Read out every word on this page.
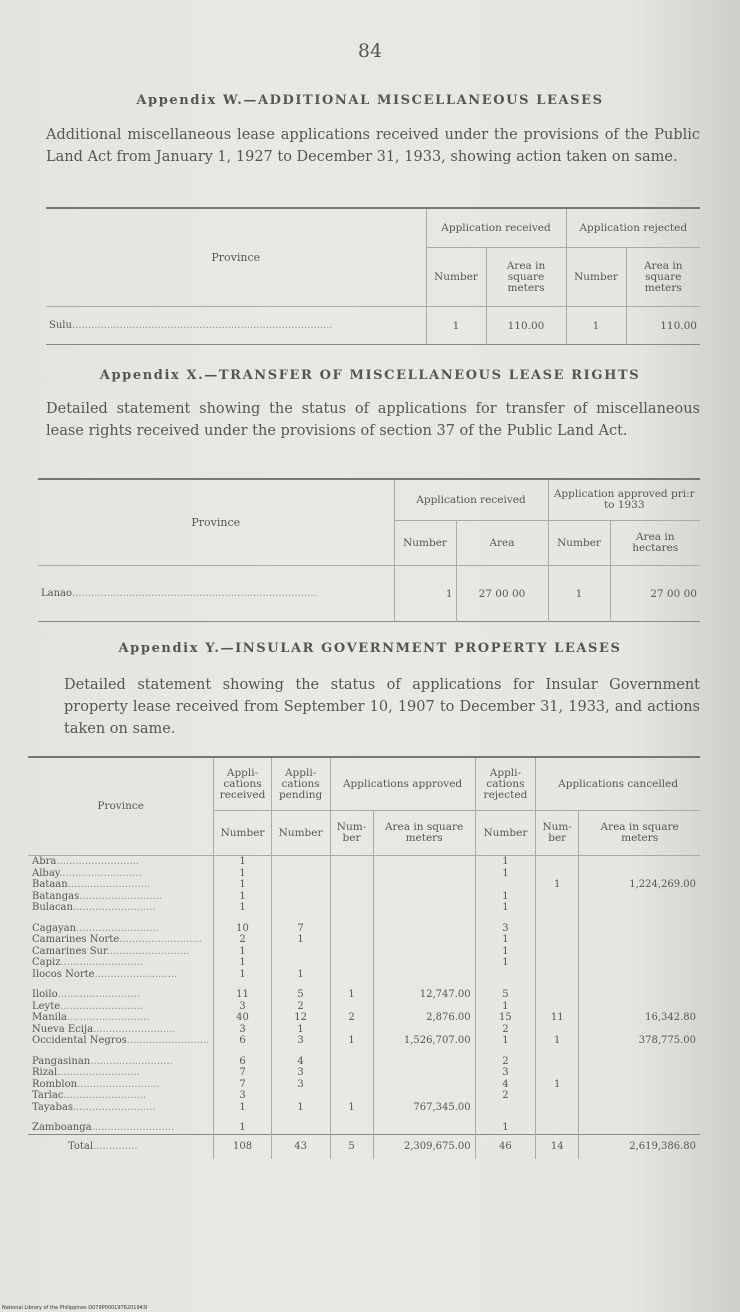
84
Appendix W.—ADDITIONAL MISCELLANEOUS LEASES
Additional miscellaneous lease applications received under the provisions of the Public Land Act from January 1, 1927 to December 31, 1933, showing action taken on same.
Province	Application received		Application rejected	
	Number	Area in square meters	Number	Area in square meters
Sulu..................................................................................	1	110.00	1	110.00
Appendix X.—TRANSFER OF MISCELLANEOUS LEASE RIGHTS
Detailed statement showing the status of applications for transfer of miscellaneous lease rights received under the provisions of section 37 of the Public Land Act.
Province	Application received		Application approved pri:r to 1933	
	Number	Area	Number	Area in hectares
Lanao.............................................................................	1	27 00 00	1	27 00 00
Appendix Y.—INSULAR GOVERNMENT PROPERTY LEASES
Detailed statement showing the status of applications for Insular Government property lease received from September 10, 1907 to December 31, 1933, and actions taken on same.
Province	Appli- cations received	Appli- cations pending	Applications approved		Appli- cations rejected	Applications cancelled	
	Number	Number	Num- ber	Area in square meters	Number	Num- ber	Area in square meters
Abra..........................	1				1		
Albay..........................	1				1		
Bataan..........................	1					1	1,224,269.00
Batangas..........................	1				1		
Bulacan..........................	1				1		

Cagayan..........................	10	7			3		
Camarines Norte..........................	2	1			1		
Camarines Sur..........................	1				1		
Capiz..........................	1				1		
Ilocos Norte..........................	1	1					

Iloilo..........................	11	5	1	12,747.00	5		
Leyte..........................	3	2			1		
Manila..........................	40	12	2	2,876.00	15	11	16,342.80
Nueva Ecija..........................	3	1			2		
Occidental Negros..........................	6	3	1	1,526,707.00	1	1	378,775.00

Pangasinan..........................	6	4			2		
Rizal..........................	7	3			3		
Romblon..........................	7	3			4	1	
Tarlac..........................	3				2		
Tayabas..........................	1	1	1	767,345.00			

Zamboanga..........................	1				1		
Total..............	108	43	5	2,309,675.00	46	14	2,619,386.80
National Library of the Philippines D079P0001976201943I
